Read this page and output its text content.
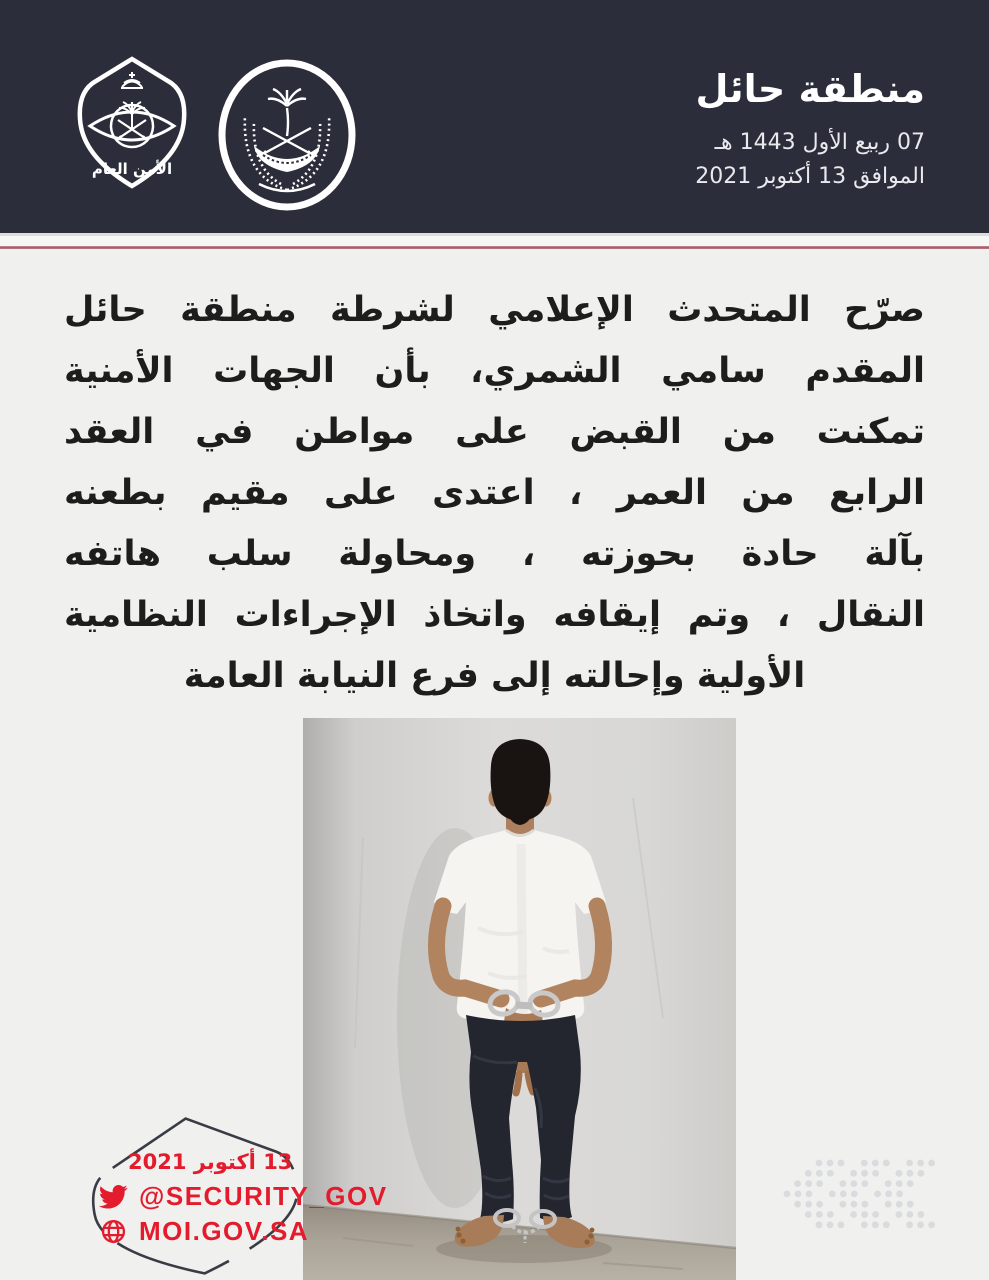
الأمن العام
منطقة حائل
07 ربيع الأول 1443 هـ
الموافق 13 أكتوبر 2021
صرّح المتحدث الإعلامي لشرطة منطقة حائل
المقدم سامي الشمري، بأن الجهات الأمنية
تمكنت من القبض على مواطن في العقد
الرابع من العمر ، اعتدى على مقيم بطعنه
بآلة حادة بحوزته ، ومحاولة سلب هاتفه
النقال ، وتم إيقافه واتخاذ الإجراءات النظامية
الأولية وإحالته إلى فرع النيابة العامة
13 أكتوبر 2021
@SECURITY_GOV
MOI.GOV.SA
